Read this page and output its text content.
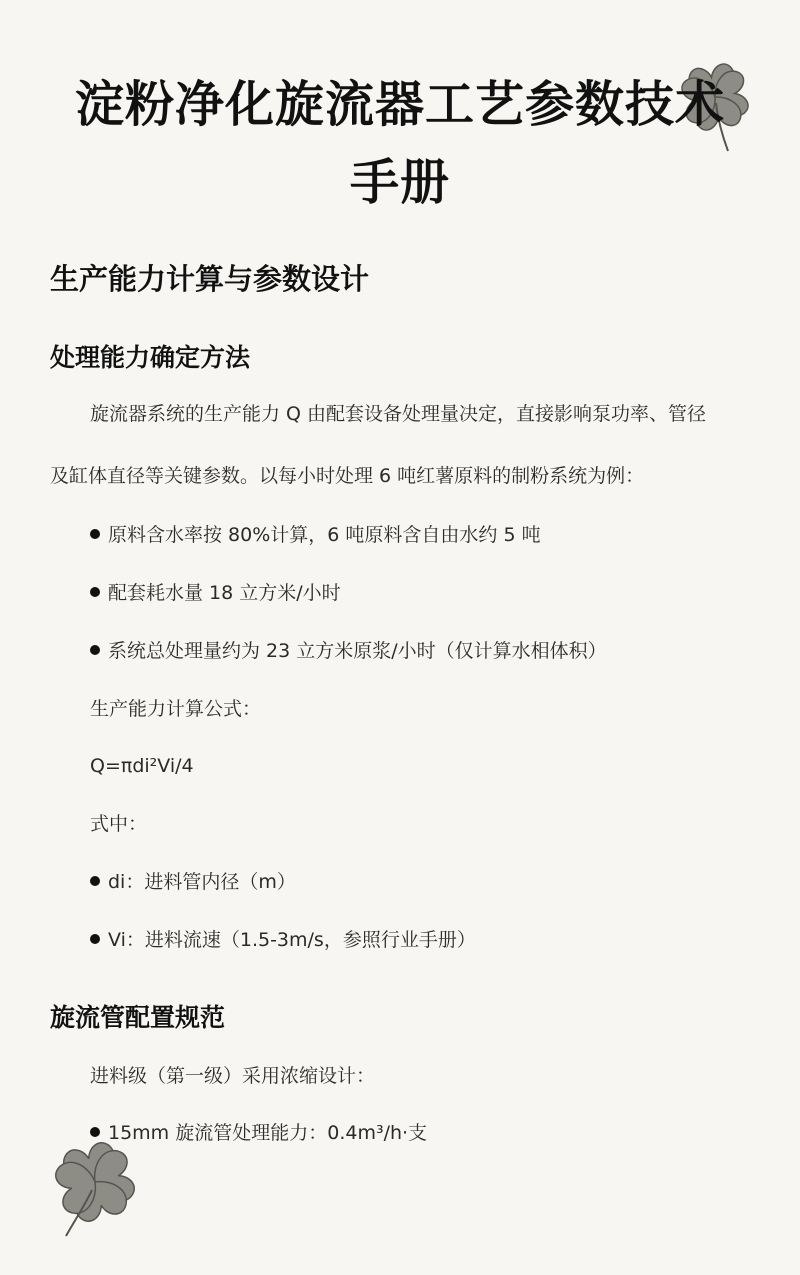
淀粉净化旋流器工艺参数技术
手册
生产能力计算与参数设计
处理能力确定方法
旋流器系统的生产能力 Q 由配套设备处理量决定，直接影响泵功率、管径
及缸体直径等关键参数。以每小时处理 6 吨红薯原料的制粉系统为例：
原料含水率按 80%计算，6 吨原料含自由水约 5 吨
配套耗水量 18 立方米/小时
系统总处理量约为 23 立方米原浆/小时（仅计算水相体积）
生产能力计算公式：
Q=πdi²Vi/4
式中：
di：进料管内径（m）
Vi：进料流速（1.5-3m/s，参照行业手册）
旋流管配置规范
进料级（第一级）采用浓缩设计：
15mm 旋流管处理能力：0.4m³/h·支
